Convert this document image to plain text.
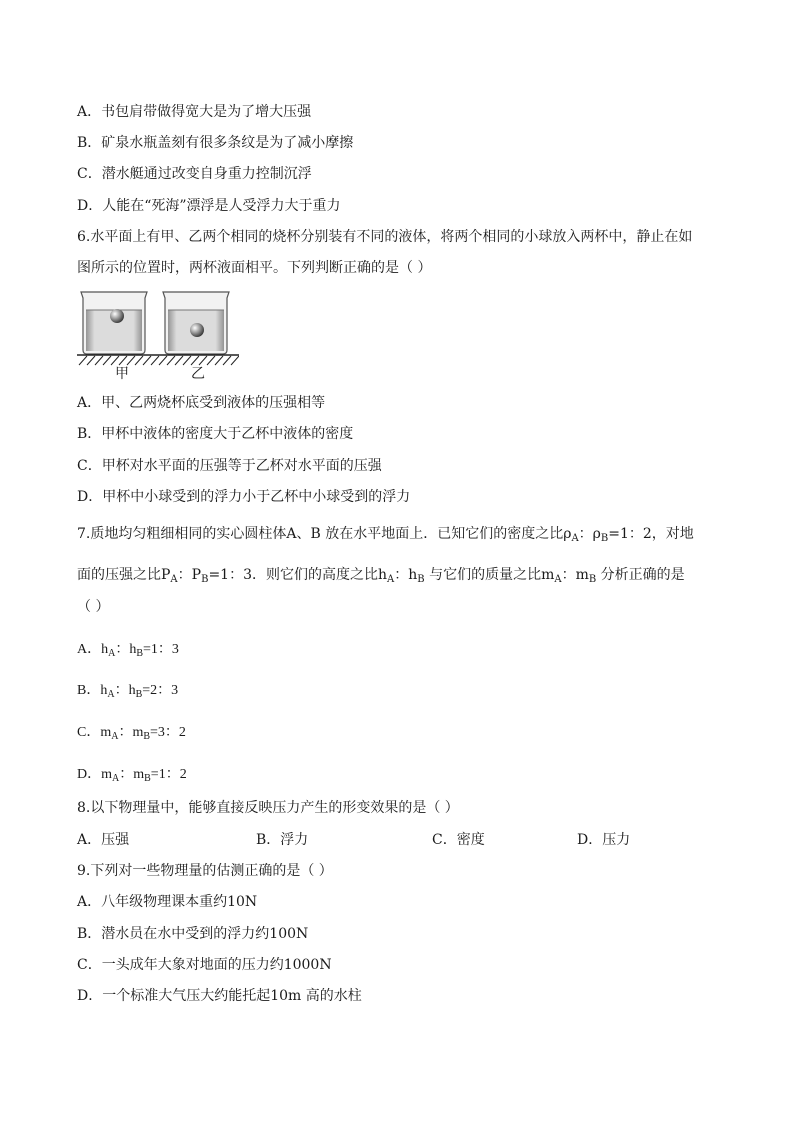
A．书包肩带做得宽大是为了增大压强
B．矿泉水瓶盖刻有很多条纹是为了减小摩擦
C．潜水艇通过改变自身重力控制沉浮
D．人能在“死海”漂浮是人受浮力大于重力
6.水平面上有甲、乙两个相同的烧杯分别装有不同的液体，将两个相同的小球放入两杯中，静止在如
图所示的位置时，两杯液面相平。下列判断正确的是（ ）
甲	乙
A．甲、乙两烧杯底受到液体的压强相等
B．甲杯中液体的密度大于乙杯中液体的密度
C．甲杯对水平面的压强等于乙杯对水平面的压强
D．甲杯中小球受到的浮力小于乙杯中小球受到的浮力
7.质地均匀粗细相同的实心圆柱体A、B 放在水平地面上．已知它们的密度之比$\rho_A$：$\rho_B=1$：2，对地
面的压强之比$P_A$：$P_B=1$：3．则它们的高度之比$h_A$：$h_B$ 与它们的质量之比$m_A$：$m_B$ 分析正确的是
（ ）
A．$h_A$：$h_B=1$：3
B．$h_A$：$h_B=2$：3
C．$m_A$：$m_B=3$：2
D．$m_A$：$m_B=1$：2
8.以下物理量中，能够直接反映压力产生的形变效果的是（ ）
A．压强	B．浮力	C．密度	D．压力
9.下列对一些物理量的估测正确的是（ ）
A．八年级物理课本重约10N
B．潜水员在水中受到的浮力约100N
C．一头成年大象对地面的压力约1000N
D．一个标准大气压大约能托起10m 高的水柱
